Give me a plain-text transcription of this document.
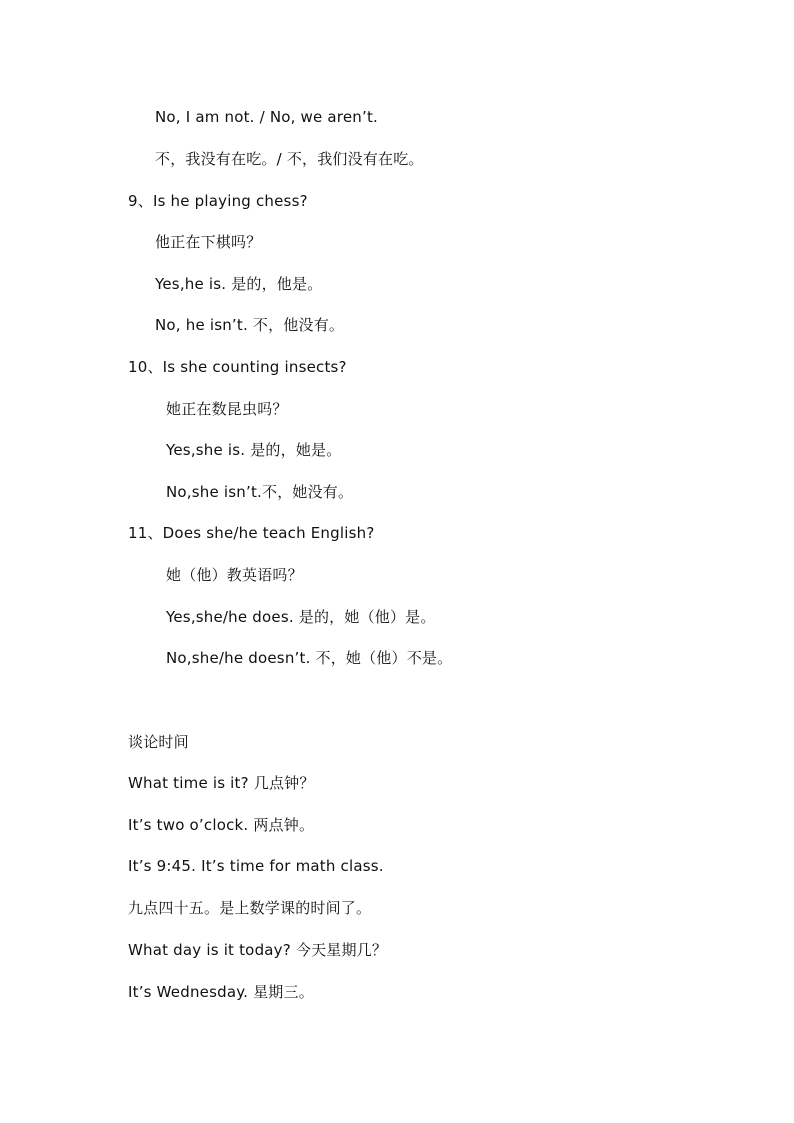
No, I am not. / No, we aren’t.
不，我没有在吃。/ 不，我们没有在吃。
9、Is he playing chess?
他正在下棋吗？
Yes,he is. 是的，他是。
No, he isn’t. 不，他没有。
10、Is she counting insects?
她正在数昆虫吗？
Yes,she is. 是的，她是。
No,she isn’t.不，她没有。
11、Does she/he teach English?
她（他）教英语吗？
Yes,she/he does. 是的，她（他）是。
No,she/he doesn’t. 不，她（他）不是。
谈论时间
What time is it? 几点钟？
It’s two o’clock. 两点钟。
It’s 9:45. It’s time for math class.
九点四十五。是上数学课的时间了。
What day is it today? 今天星期几？
It’s Wednesday. 星期三。
